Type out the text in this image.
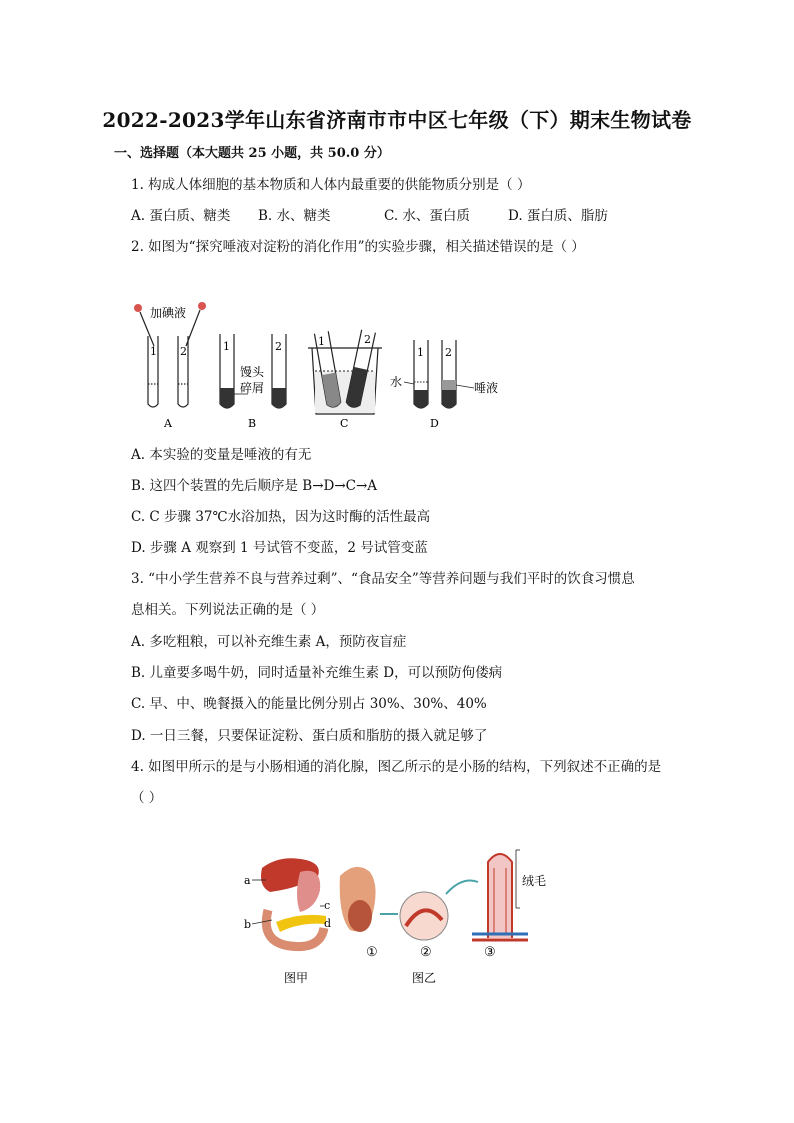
2022-2023学年山东省济南市市中区七年级（下）期末生物试卷
一、选择题（本大题共 25 小题，共 50.0 分）
1. 构成人体细胞的基本物质和人体内最重要的供能物质分别是（ ）
A. 蛋白质、糖类 B. 水、糖类	C. 水、蛋白质	D. 蛋白质、脂肪
2. 如图为“探究唾液对淀粉的消化作用”的实验步骤，相关描述错误的是（ ）
加碘液
1 2
A
1	2
馒头
碎屑
B
1	2
C
1 2
水	唾液
D
A. 本实验的变量是唾液的有无
B. 这四个装置的先后顺序是 B→D→C→A
C. C 步骤 37℃水浴加热，因为这时酶的活性最高
D. 步骤 A 观察到 1 号试管不变蓝，2 号试管变蓝
3. “中小学生营养不良与营养过剩”、“食品安全”等营养问题与我们平时的饮食习惯息
息相关。下列说法正确的是（ ）
A. 多吃粗粮，可以补充维生素 A，预防夜盲症
B. 儿童要多喝牛奶，同时适量补充维生素 D，可以预防佝偻病
C. 早、中、晚餐摄入的能量比例分别占 30%、30%、40%
D. 一日三餐，只要保证淀粉、蛋白质和脂肪的摄入就足够了
4. 如图甲所示的是与小肠相通的消化腺，图乙所示的是小肠的结构，下列叙述不正确的是
（ ）
a
b
c
d
图甲
①	②
绒毛
③
图乙
